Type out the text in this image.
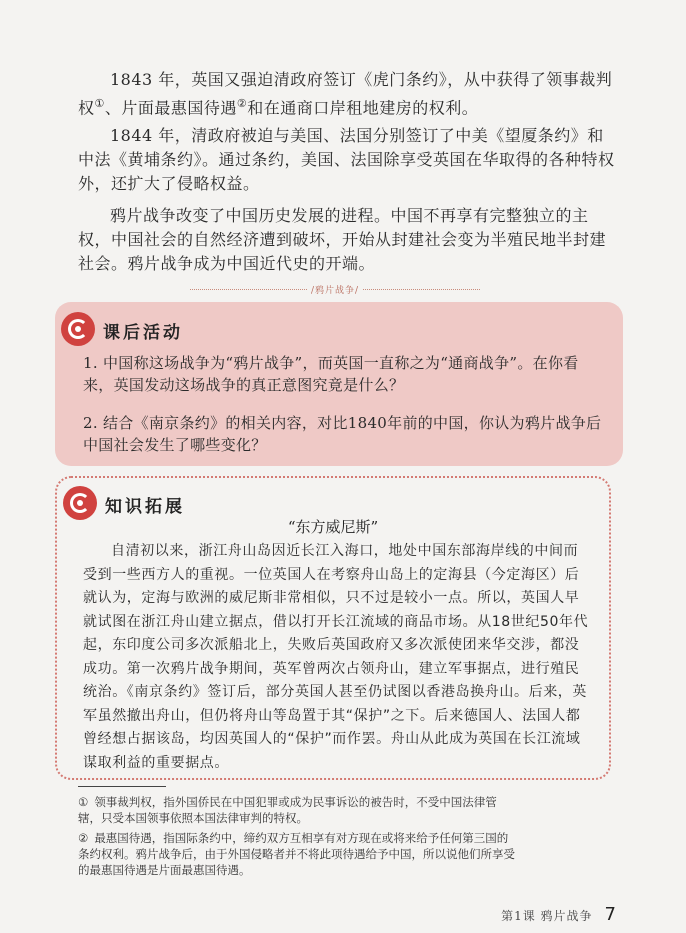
1843 年，英国又强迫清政府签订《虎门条约》，从中获得了领事裁判权①、片面最惠国待遇②和在通商口岸租地建房的权利。

1844 年，清政府被迫与美国、法国分别签订了中美《望厦条约》和中法《黄埔条约》。通过条约，美国、法国除享受英国在华取得的各种特权外，还扩大了侵略权益。

鸦片战争改变了中国历史发展的进程。中国不再享有完整独立的主权，中国社会的自然经济遭到破坏，开始从封建社会变为半殖民地半封建社会。鸦片战争成为中国近代史的开端。

/鸦片战争/
课后活动

1. 中国称这场战争为“鸦片战争”，而英国一直称之为“通商战争”。在你看来，英国发动这场战争的真正意图究竟是什么？

2. 结合《南京条约》的相关内容，对比1840年前的中国，你认为鸦片战争后中国社会发生了哪些变化？

知识拓展

“东方威尼斯”

自清初以来，浙江舟山岛因近长江入海口，地处中国东部海岸线的中间而受到一些西方人的重视。一位英国人在考察舟山岛上的定海县（今定海区）后就认为，定海与欧洲的威尼斯非常相似，只不过是较小一点。所以，英国人早就试图在浙江舟山建立据点，借以打开长江流域的商品市场。从18世纪50年代起，东印度公司多次派船北上，失败后英国政府又多次派使团来华交涉，都没成功。第一次鸦片战争期间，英军曾两次占领舟山，建立军事据点，进行殖民统治。《南京条约》签订后，部分英国人甚至仍试图以香港岛换舟山。后来，英军虽然撤出舟山，但仍将舟山等岛置于其“保护”之下。后来德国人、法国人都曾经想占据该岛，均因英国人的“保护”而作罢。舟山从此成为英国在长江流域谋取利益的重要据点。

① 领事裁判权，指外国侨民在中国犯罪或成为民事诉讼的被告时，不受中国法律管辖，只受本国领事依照本国法律审判的特权。

② 最惠国待遇，指国际条约中，缔约双方互相享有对方现在或将来给予任何第三国的条约权利。鸦片战争后，由于外国侵略者并不将此项待遇给予中国，所以说他们所享受的最惠国待遇是片面最惠国待遇。

第1课 鸦片战争 7
